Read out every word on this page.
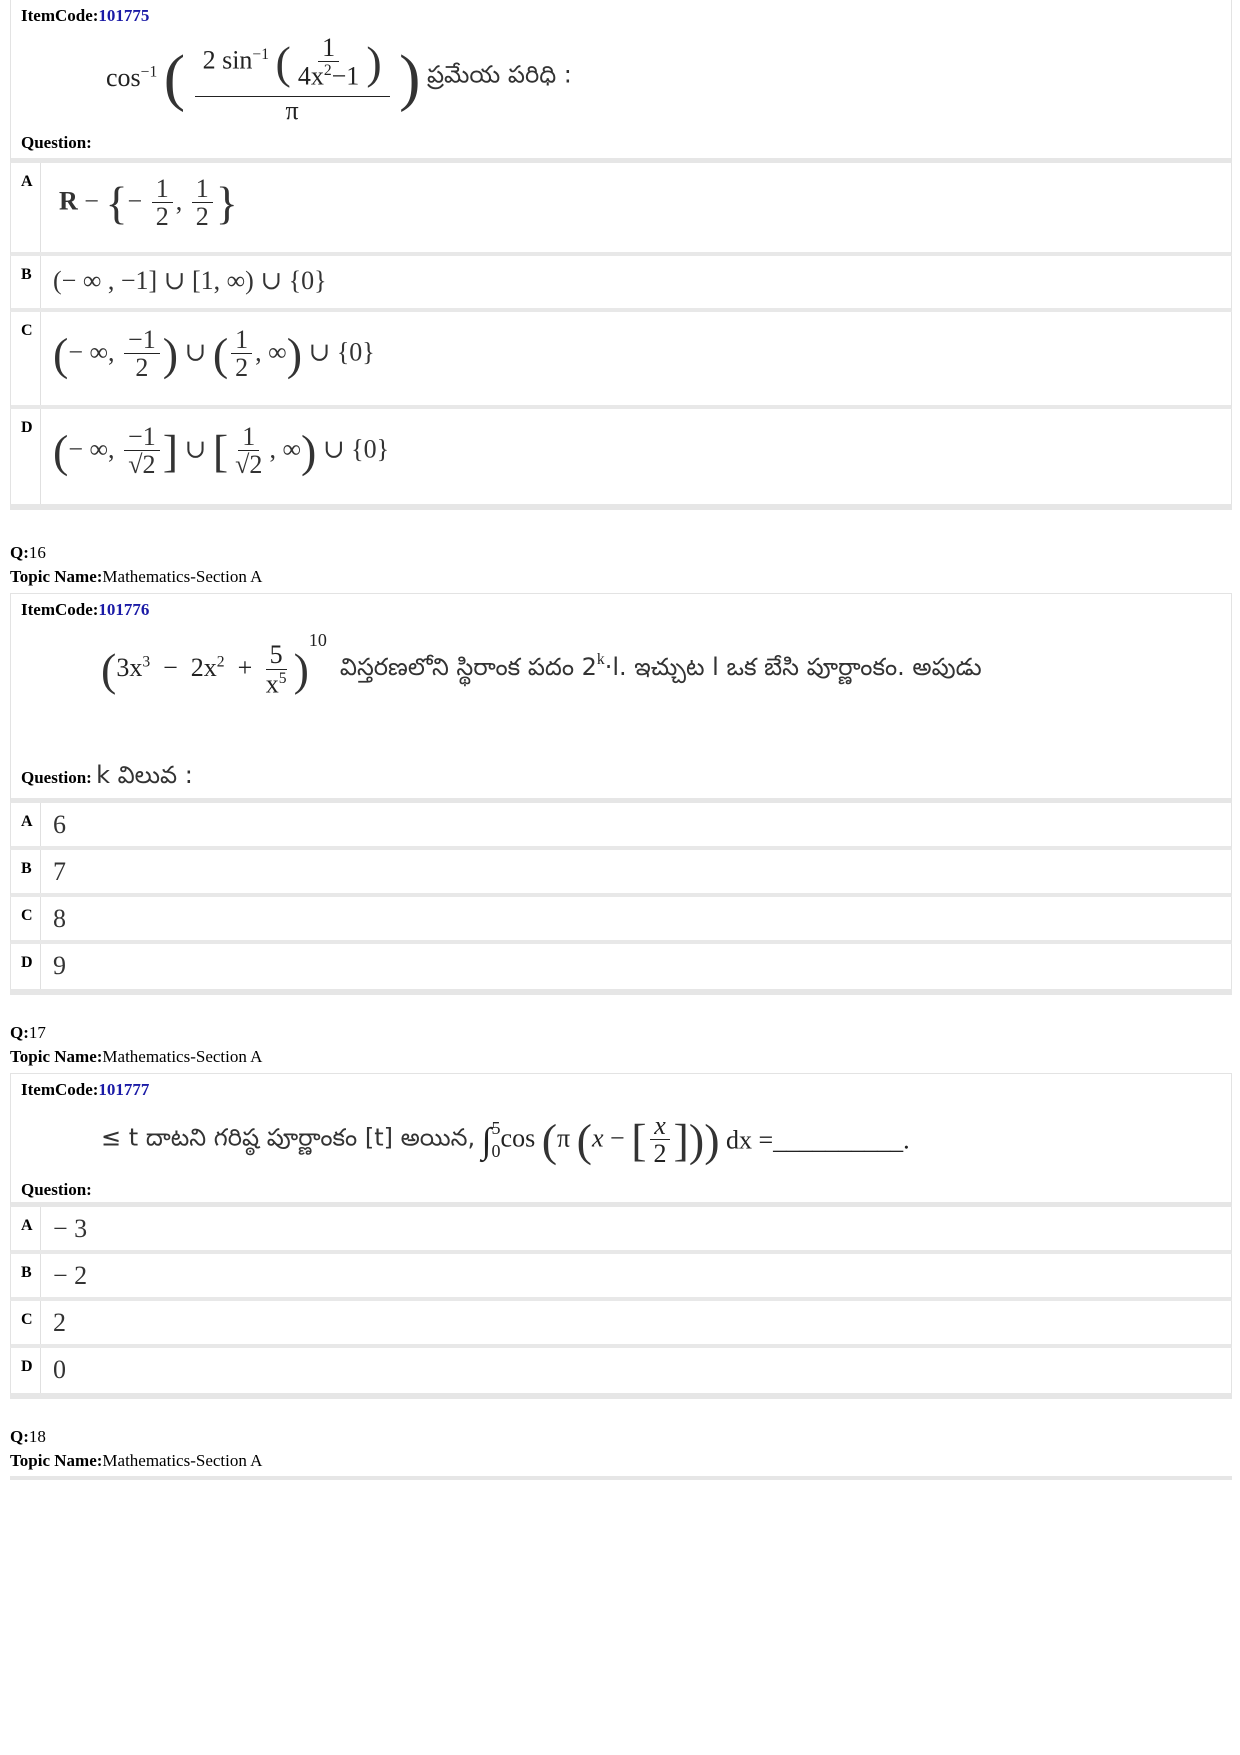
ItemCode:101775
$\cos^{-1}$ ( $\frac{2 \sin^{-1} ( \frac{1}{4x^2-1} )}{\pi}$ ) ప్రమేయ పరిధి :
Question:
A
R − {− $\frac{1}{2}$ , $\frac{1}{2}$ }
B (− ∞ , −1] ∪ [1, ∞) ∪ {0}
C (− ∞, $\frac{-1}{2}$ ) ∪ ( $\frac{1}{2}$ , ∞) ∪ {0}
D (− ∞, $\frac{-1}{√2}$ ] ∪ [ $\frac{1}{√2}$ , ∞) ∪ {0}
Q:16
Topic Name:Mathematics-Section A
ItemCode:101776
$(3x^3 - 2x^2 + \frac{5}{x^5} )^{10}$  విస్తరణలోని స్థిరాంక పదం $2^k\cdot l$. ఇచ్చుట l ఒక బేసి పూర్ణాంకం. అపుడు
Question: k విలువ :
A 6
B 7
C 8
D 9
Q:17
Topic Name:Mathematics-Section A
ItemCode:101777
≤ t దాటని గరిష్ఠ పూర్ణాంకం [t] అయిన, ∫ 5
0 cos (π (x − [ $\frac{x}{2}$ ])) dx =__________.
Question:
A − 3
B − 2
C 2
D 0
Q:18
Topic Name:Mathematics-Section A
